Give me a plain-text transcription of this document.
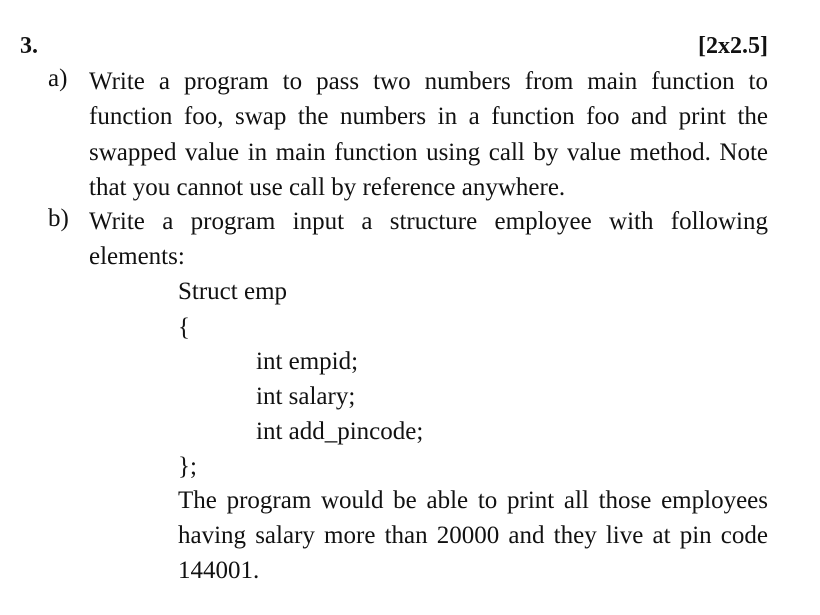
3.	[2x2.5]
a) Write a program to pass two numbers from main function to function foo, swap the numbers in a function foo and print the swapped value in main function using call by value method. Note that you cannot use call by reference anywhere.
b) Write a program input a structure employee with following elements:
Struct emp
{
int empid;
int salary;
int add_pincode;
};
The program would be able to print all those employees having salary more than 20000 and they live at pin code 144001.
